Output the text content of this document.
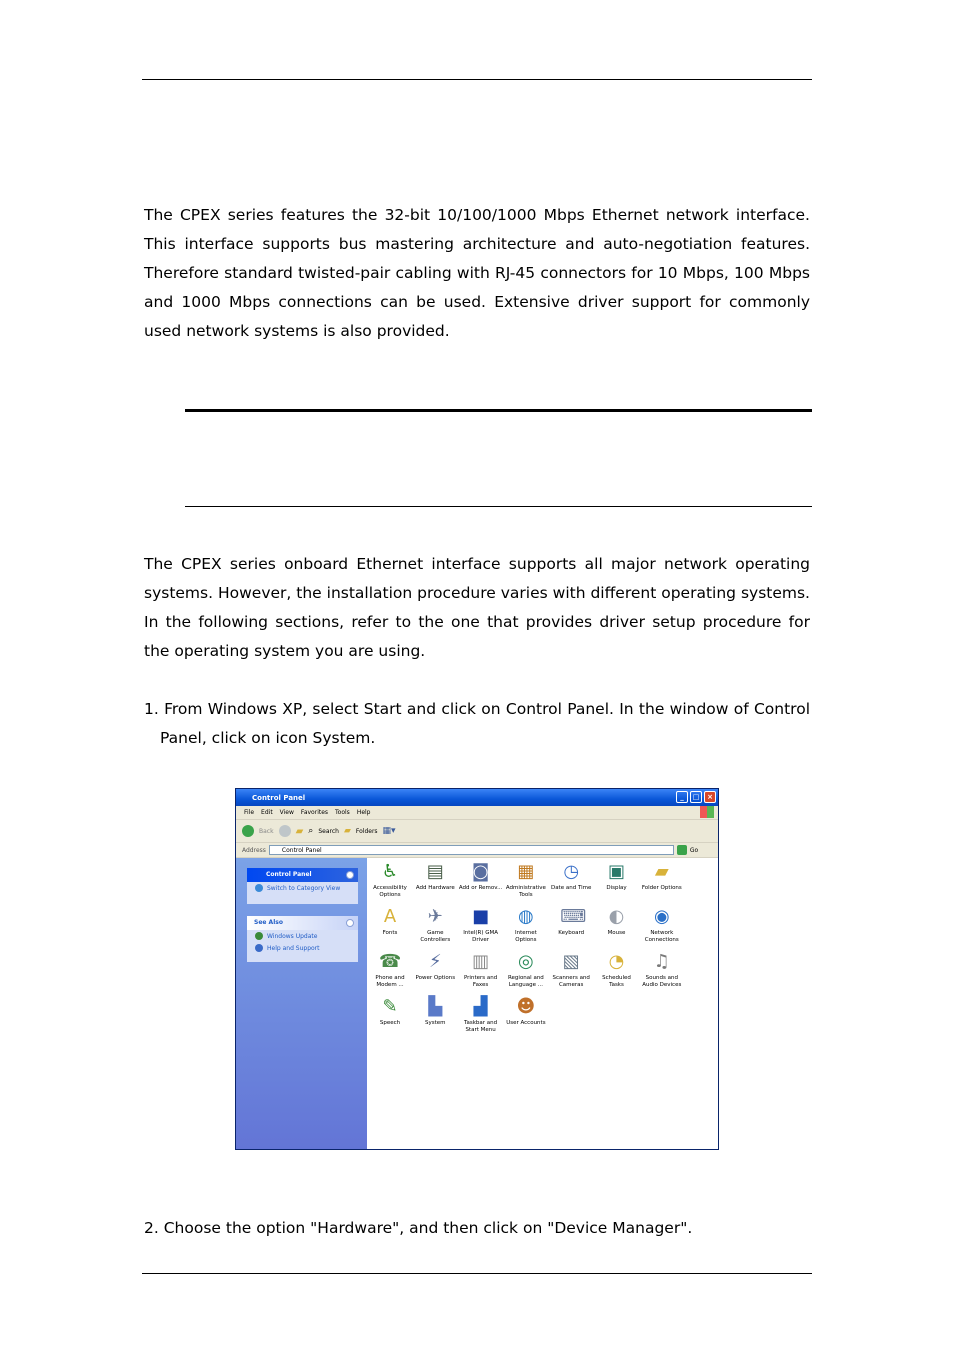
The CPEX series features the 32-bit 10/100/1000 Mbps Ethernet network interface. This interface supports bus mastering architecture and auto-negotiation features. Therefore standard twisted-pair cabling with RJ-45 connectors for 10 Mbps, 100 Mbps and 1000 Mbps connections can be used. Extensive driver support for commonly used network systems is also provided.

The CPEX series onboard Ethernet interface supports all major network operating systems. However, the installation procedure varies with different operating systems. In the following sections, refer to the one that provides driver setup procedure for the operating system you are using.

1. From Windows XP, select Start and click on Control Panel. In the window of Control Panel, click on icon System.

Control Panel	_	□	×
File Edit View Favorites Tools Help
Back ▰ ⌕ Search ▰ Folders ▦▾
Address	Control Panel	Go
Control Panel
Switch to Category View
See Also
Windows Update
Help and Support
♿
Accessibility Options
▤
Add Hardware
◙
Add or Remov...
▦
Administrative Tools
◷
Date and Time
▣
Display
▰
Folder Options
A
Fonts
✈
Game Controllers
■
Intel(R) GMA Driver
◍
Internet Options
⌨
Keyboard
◐
Mouse
◉
Network Connections
☎
Phone and Modem ...
⚡
Power Options
▥
Printers and Faxes
◎
Regional and Language ...
▧
Scanners and Cameras
◔
Scheduled Tasks
♫
Sounds and Audio Devices
✎
Speech
▙
System
▟
Taskbar and Start Menu
☻
User Accounts

2. Choose the option "Hardware", and then click on "Device Manager".
